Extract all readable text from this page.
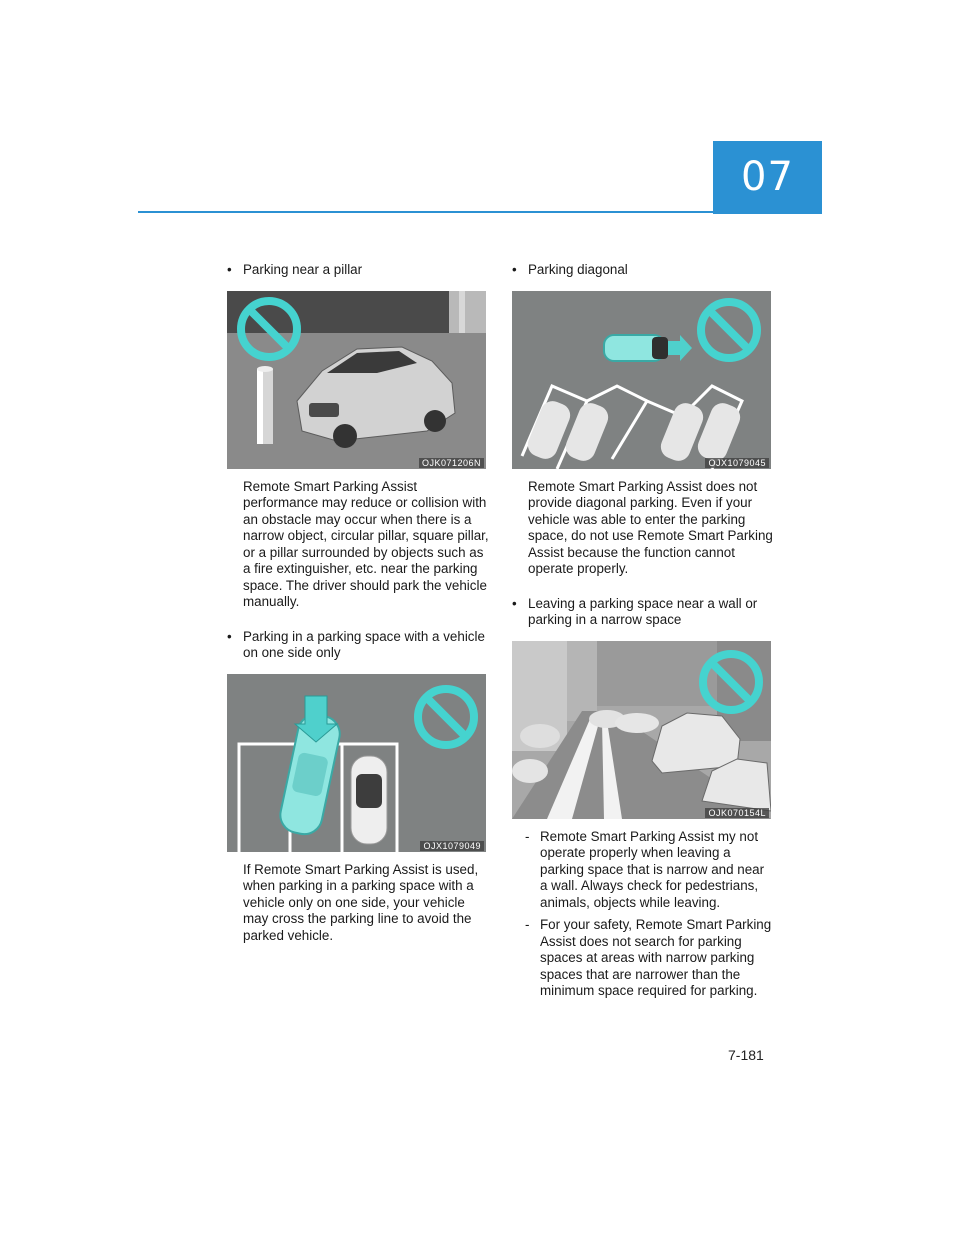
07
• Parking near a pillar
OJK071206N
Remote Smart Parking Assist performance may reduce or collision with an obstacle may occur when there is a narrow object, circular pillar, square pillar, or a pillar surrounded by objects such as a fire extinguisher, etc. near the parking space. The driver should park the vehicle manually.
• Parking in a parking space with a vehicle on one side only
OJX1079049
If Remote Smart Parking Assist is used, when parking in a parking space with a vehicle only on one side, your vehicle may cross the parking line to avoid the parked vehicle.
• Parking diagonal
OJX1079045
Remote Smart Parking Assist does not provide diagonal parking. Even if your vehicle was able to enter the parking space, do not use Remote Smart Parking Assist because the function cannot operate properly.
• Leaving a parking space near a wall or parking in a narrow space
OJK070154L
- Remote Smart Parking Assist my not operate properly when leaving a parking space that is narrow and near a wall. Always check for pedestrians, animals, objects while leaving.
- For your safety, Remote Smart Parking Assist does not search for parking spaces at areas with narrow parking spaces that are narrower than the minimum space required for parking.
7-181
